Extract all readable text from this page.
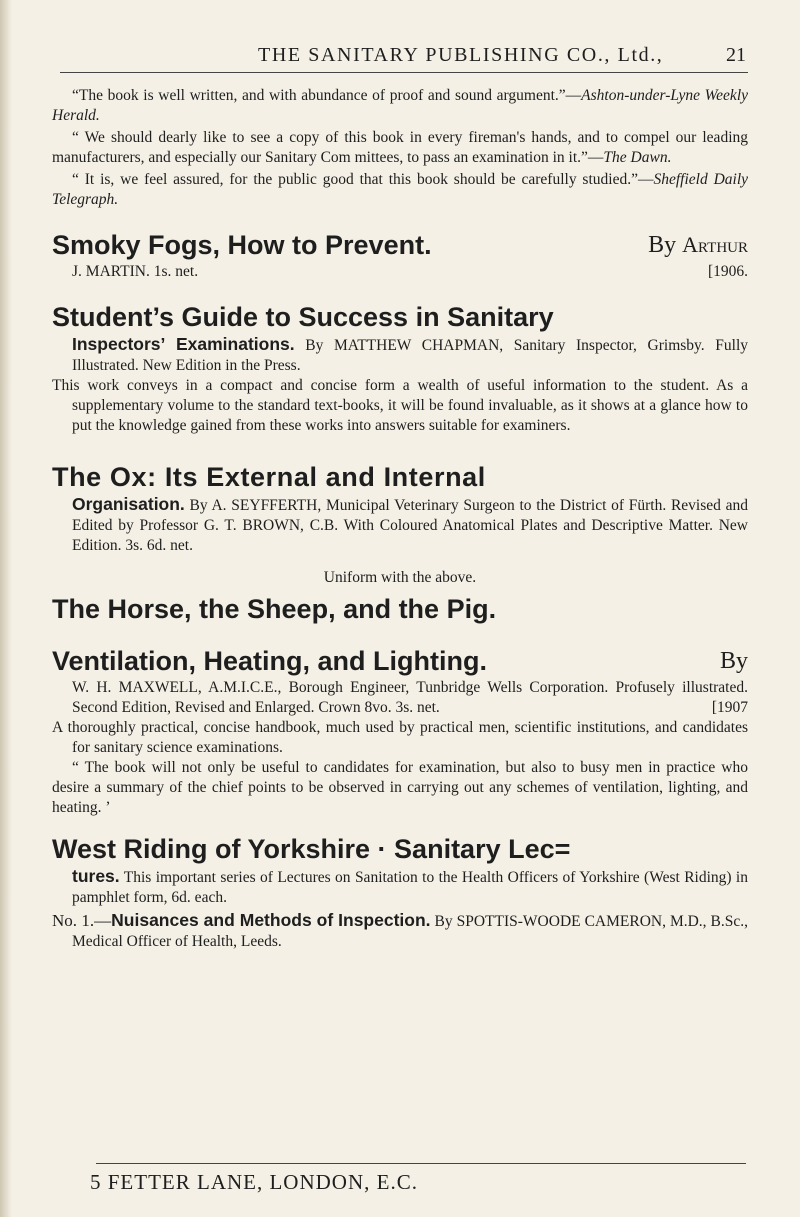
THE SANITARY PUBLISHING CO., Ltd.,	21

“The book is well written, and with abundance of proof and sound argument.”—Ashton-under-Lyne Weekly Herald.

“ We should dearly like to see a copy of this book in every fireman's hands, and to compel our leading manufacturers, and especially our Sanitary Com mittees, to pass an examination in it.”—The Dawn.

“ It is, we feel assured, for the public good that this book should be carefully studied.”—Sheffield Daily Telegraph.

Smoky Fogs, How to Prevent.	By Arthur

J. MARTIN. 1s. net.	[1906.

Student’s Guide to Success in Sanitary

Inspectors’ Examinations. By MATTHEW CHAPMAN, Sanitary Inspector, Grimsby. Fully Illustrated. New Edition in the Press.

This work conveys in a compact and concise form a wealth of useful information to the student. As a supplementary volume to the standard text-books, it will be found invaluable, as it shows at a glance how to put the knowledge gained from these works into answers suitable for examiners.

The Ox: Its External and Internal

Organisation. By A. SEYFFERTH, Municipal Veterinary Surgeon to the District of Fürth. Revised and Edited by Professor G. T. BROWN, C.B. With Coloured Anatomical Plates and Descriptive Matter. New Edition. 3s. 6d. net.

Uniform with the above.

The Horse, the Sheep, and the Pig.
Ventilation, Heating, and Lighting.	By

W. H. MAXWELL, A.M.I.C.E., Borough Engineer, Tunbridge Wells Corporation. Profusely illustrated. Second Edition, Revised and Enlarged. Crown 8vo. 3s. net.	[1907

A thoroughly practical, concise handbook, much used by practical men, scientific institutions, and candidates for sanitary science examinations.

“ The book will not only be useful to candidates for examination, but also to busy men in practice who desire a summary of the chief points to be observed in carrying out any schemes of ventilation, lighting, and heating. ’

West Riding of Yorkshire · Sanitary Lec=

tures. This important series of Lectures on Sanitation to the Health Officers of Yorkshire (West Riding) in pamphlet form, 6d. each.

No. 1.—Nuisances and Methods of Inspection. By SPOTTIS-WOODE CAMERON, M.D., B.Sc., Medical Officer of Health, Leeds.

5 FETTER LANE, LONDON, E.C.
